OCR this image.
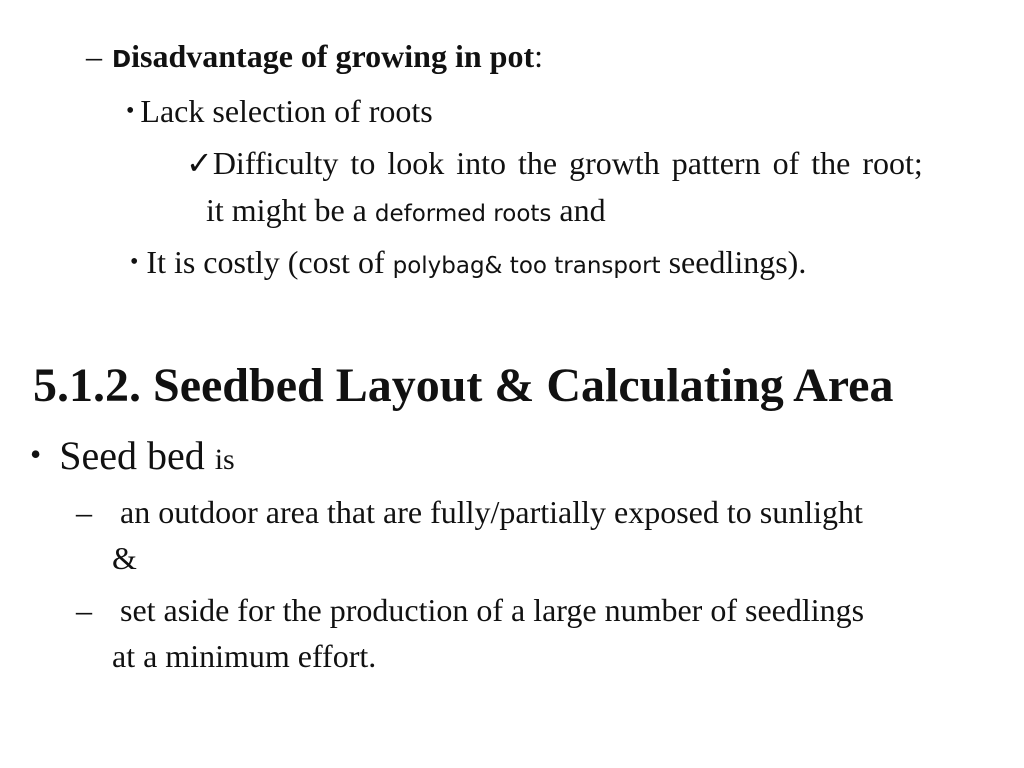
– Disadvantage of growing in pot:
• Lack selection of roots
✓Difficulty to look into the growth pattern of the root;
it might be a deformed roots and
• It is costly (cost of polybag& too transport seedlings).
5.1.2. Seedbed Layout & Calculating Area
• Seed bed is
– an outdoor area that are fully/partially exposed to sunlight
&
– set aside for the production of a large number of seedlings
at a minimum effort.
